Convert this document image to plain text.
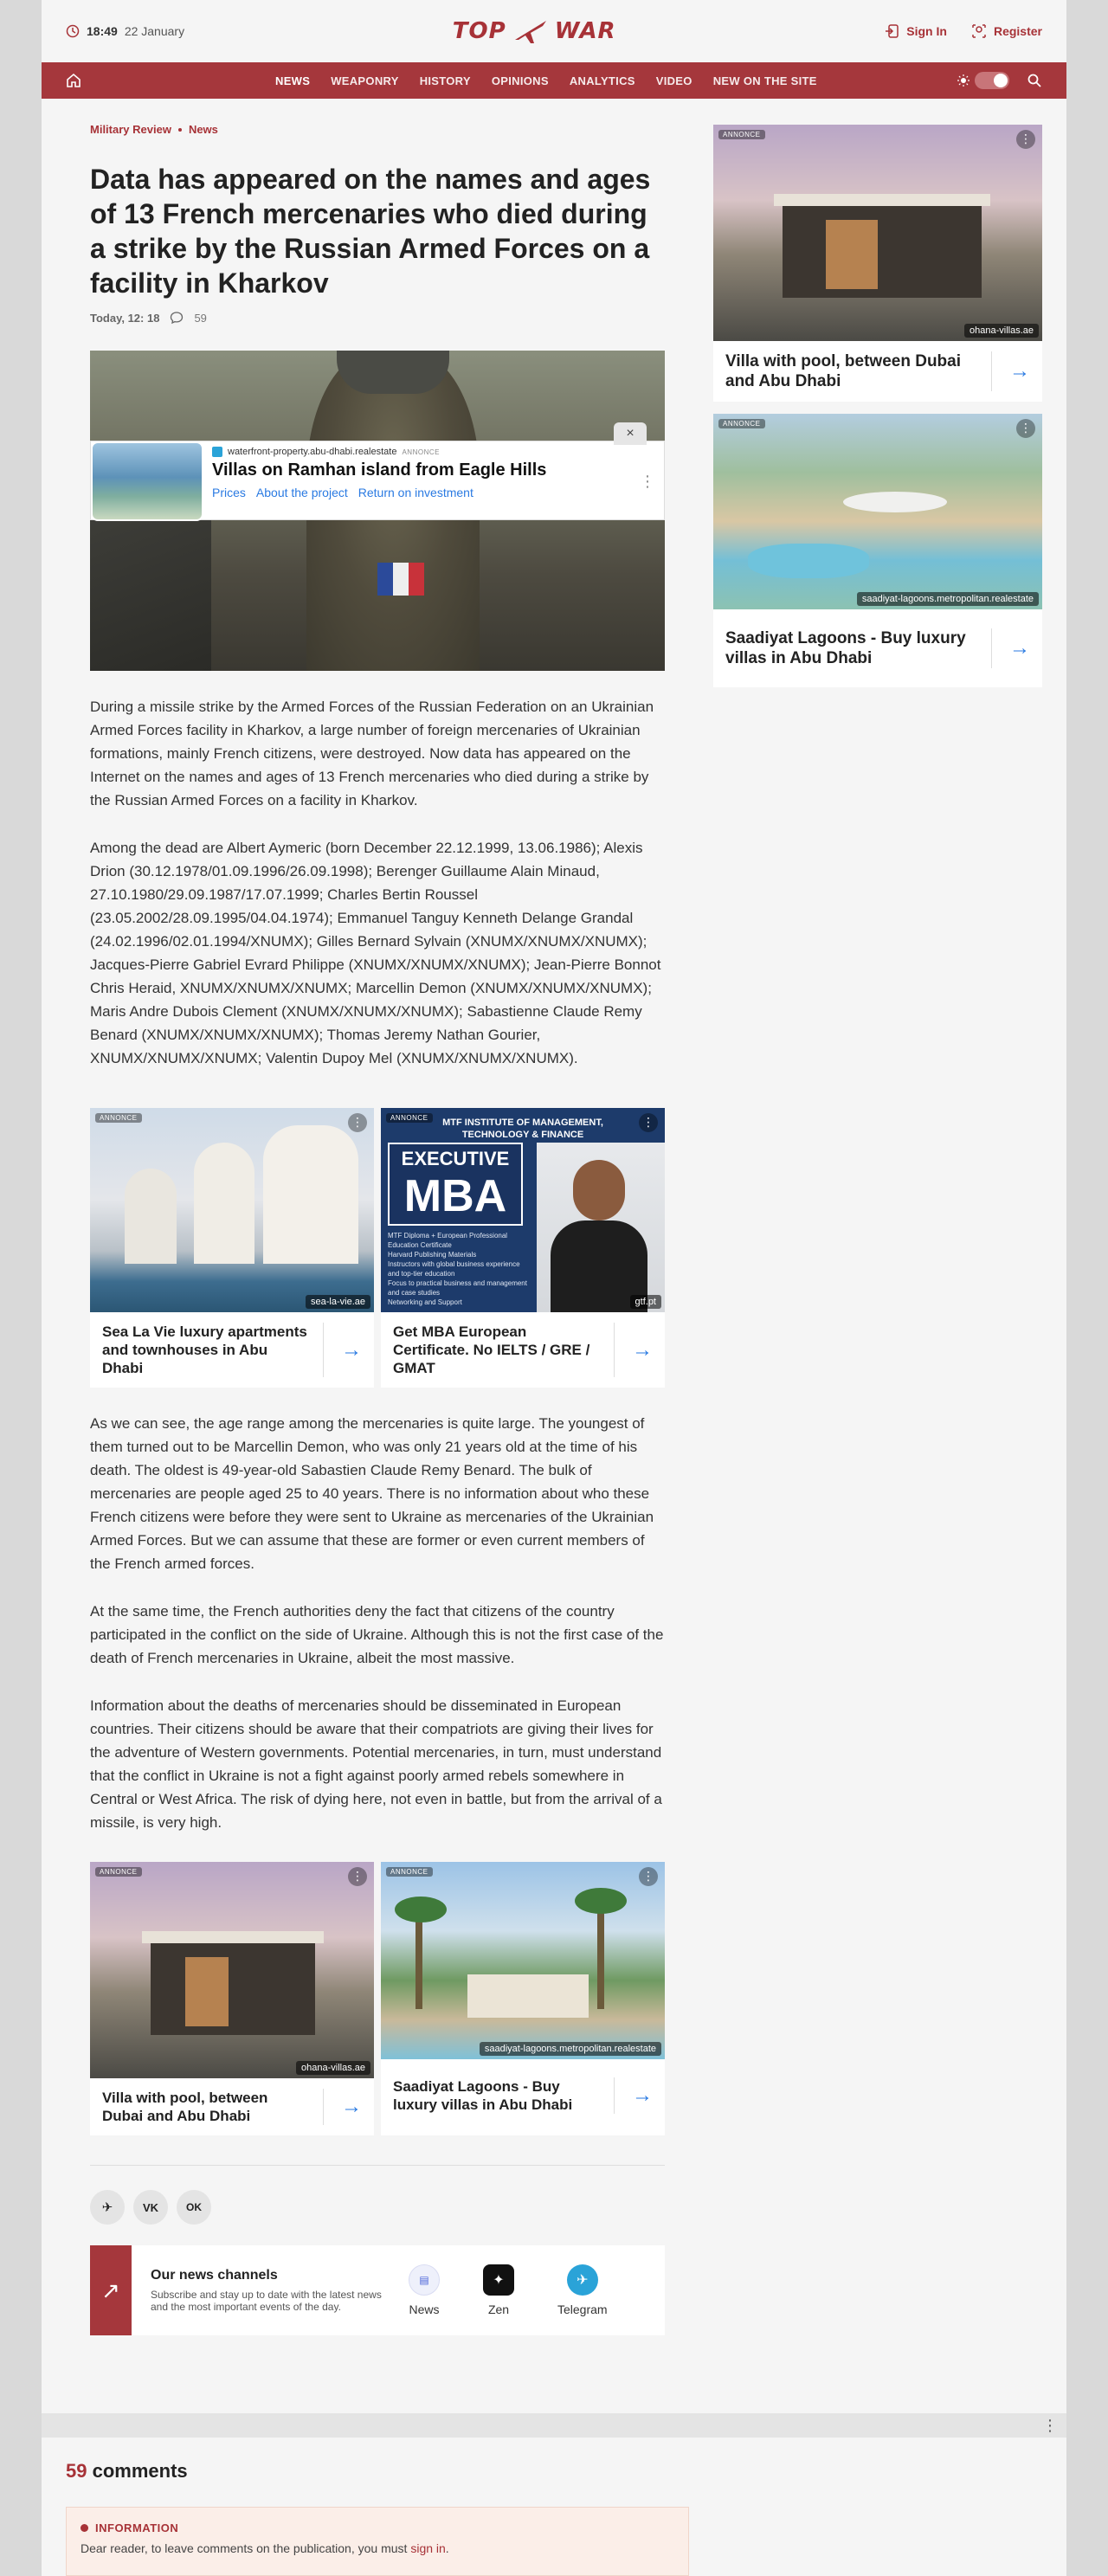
18:49 22 January	TOP WAR	Sign In	Register
NEWS WEAPONRY HISTORY OPINIONS ANALYTICS VIDEO NEW ON THE SITE
Military Review News
Data has appeared on the names and ages of 13 French mercenaries who died during a strike by the Russian Armed Forces on a facility in Kharkov
Today, 12: 18	59
×
waterfront-property.abu-dhabi.realestate ANNONCE
Villas on Ramhan island from Eagle Hills
Prices About the project Return on investment
⋮

During a missile strike by the Armed Forces of the Russian Federation on an Ukrainian Armed Forces facility in Kharkov, a large number of foreign mercenaries of Ukrainian formations, mainly French citizens, were destroyed. Now data has appeared on the Internet on the names and ages of 13 French mercenaries who died during a strike by the Russian Armed Forces on a facility in Kharkov.

Among the dead are Albert Aymeric (born December 22.12.1999, 13.06.1986); Alexis Drion (30.12.1978/01.09.1996/26.09.1998); Berenger Guillaume Alain Minaud, 27.10.1980/29.09.1987/17.07.1999; Charles Bertin Roussel (23.05.2002/28.09.1995/04.04.1974); Emmanuel Tanguy Kenneth Delange Grandal (24.02.1996/02.01.1994/XNUMX); Gilles Bernard Sylvain (XNUMX/XNUMX/XNUMX); Jacques-Pierre Gabriel Evrard Philippe (XNUMX/XNUMX/XNUMX); Jean-Pierre Bonnot Chris Heraid, XNUMX/XNUMX/XNUMX; Marcellin Demon (XNUMX/XNUMX/XNUMX); Maris Andre Dubois Clement (XNUMX/XNUMX/XNUMX); Sabastienne Claude Remy Benard (XNUMX/XNUMX/XNUMX); Thomas Jeremy Nathan Gourier, XNUMX/XNUMX/XNUMX; Valentin Dupoy Mel (XNUMX/XNUMX/XNUMX).

ANNONCE	⋮
sea-la-vie.ae
Sea La Vie luxury apartments and townhouses in Abu Dhabi
→
MTF INSTITUTE OF MANAGEMENT, TECHNOLOGY & FINANCE
EXECUTIVE
MBA
MTF Diploma + European Professional Education Certificate
Harvard Publishing Materials
Instructors with global business experience and top-tier education
Focus to practical business and management and case studies
Networking and Support
ANNONCE	⋮
gtf.pt
Get MBA European Certificate. No IELTS / GRE / GMAT
→

As we can see, the age range among the mercenaries is quite large. The youngest of them turned out to be Marcellin Demon, who was only 21 years old at the time of his death. The oldest is 49-year-old Sabastien Claude Remy Benard. The bulk of mercenaries are people aged 25 to 40 years. There is no information about who these French citizens were before they were sent to Ukraine as mercenaries of the Ukrainian Armed Forces. But we can assume that these are former or even current members of the French armed forces.

At the same time, the French authorities deny the fact that citizens of the country participated in the conflict on the side of Ukraine. Although this is not the first case of the death of French mercenaries in Ukraine, albeit the most massive.

Information about the deaths of mercenaries should be disseminated in European countries. Their citizens should be aware that their compatriots are giving their lives for the adventure of Western governments. Potential mercenaries, in turn, must understand that the conflict in Ukraine is not a fight against poorly armed rebels somewhere in Central or West Africa. The risk of dying here, not even in battle, but from the arrival of a missile, is very high.

ANNONCE	⋮
ohana-villas.ae
Villa with pool, between Dubai and Abu Dhabi	→
ANNONCE	⋮
saadiyat-lagoons.metropolitan.realestate
Saadiyat Lagoons - Buy luxury villas in Abu Dhabi	→
✈	VK	OK
↗
Our news channels

Subscribe and stay up to date with the latest news and the most important events of the day.

▤
News
✦
Zen
✈
Telegram
ANNONCE	⋮
ohana-villas.ae
Villa with pool, between Dubai and Abu Dhabi	→
ANNONCE	⋮
saadiyat-lagoons.metropolitan.realestate
Saadiyat Lagoons - Buy luxury villas in Abu Dhabi	→
⋮
59 comments
INFORMATION

Dear reader, to leave comments on the publication, you must sign in.
